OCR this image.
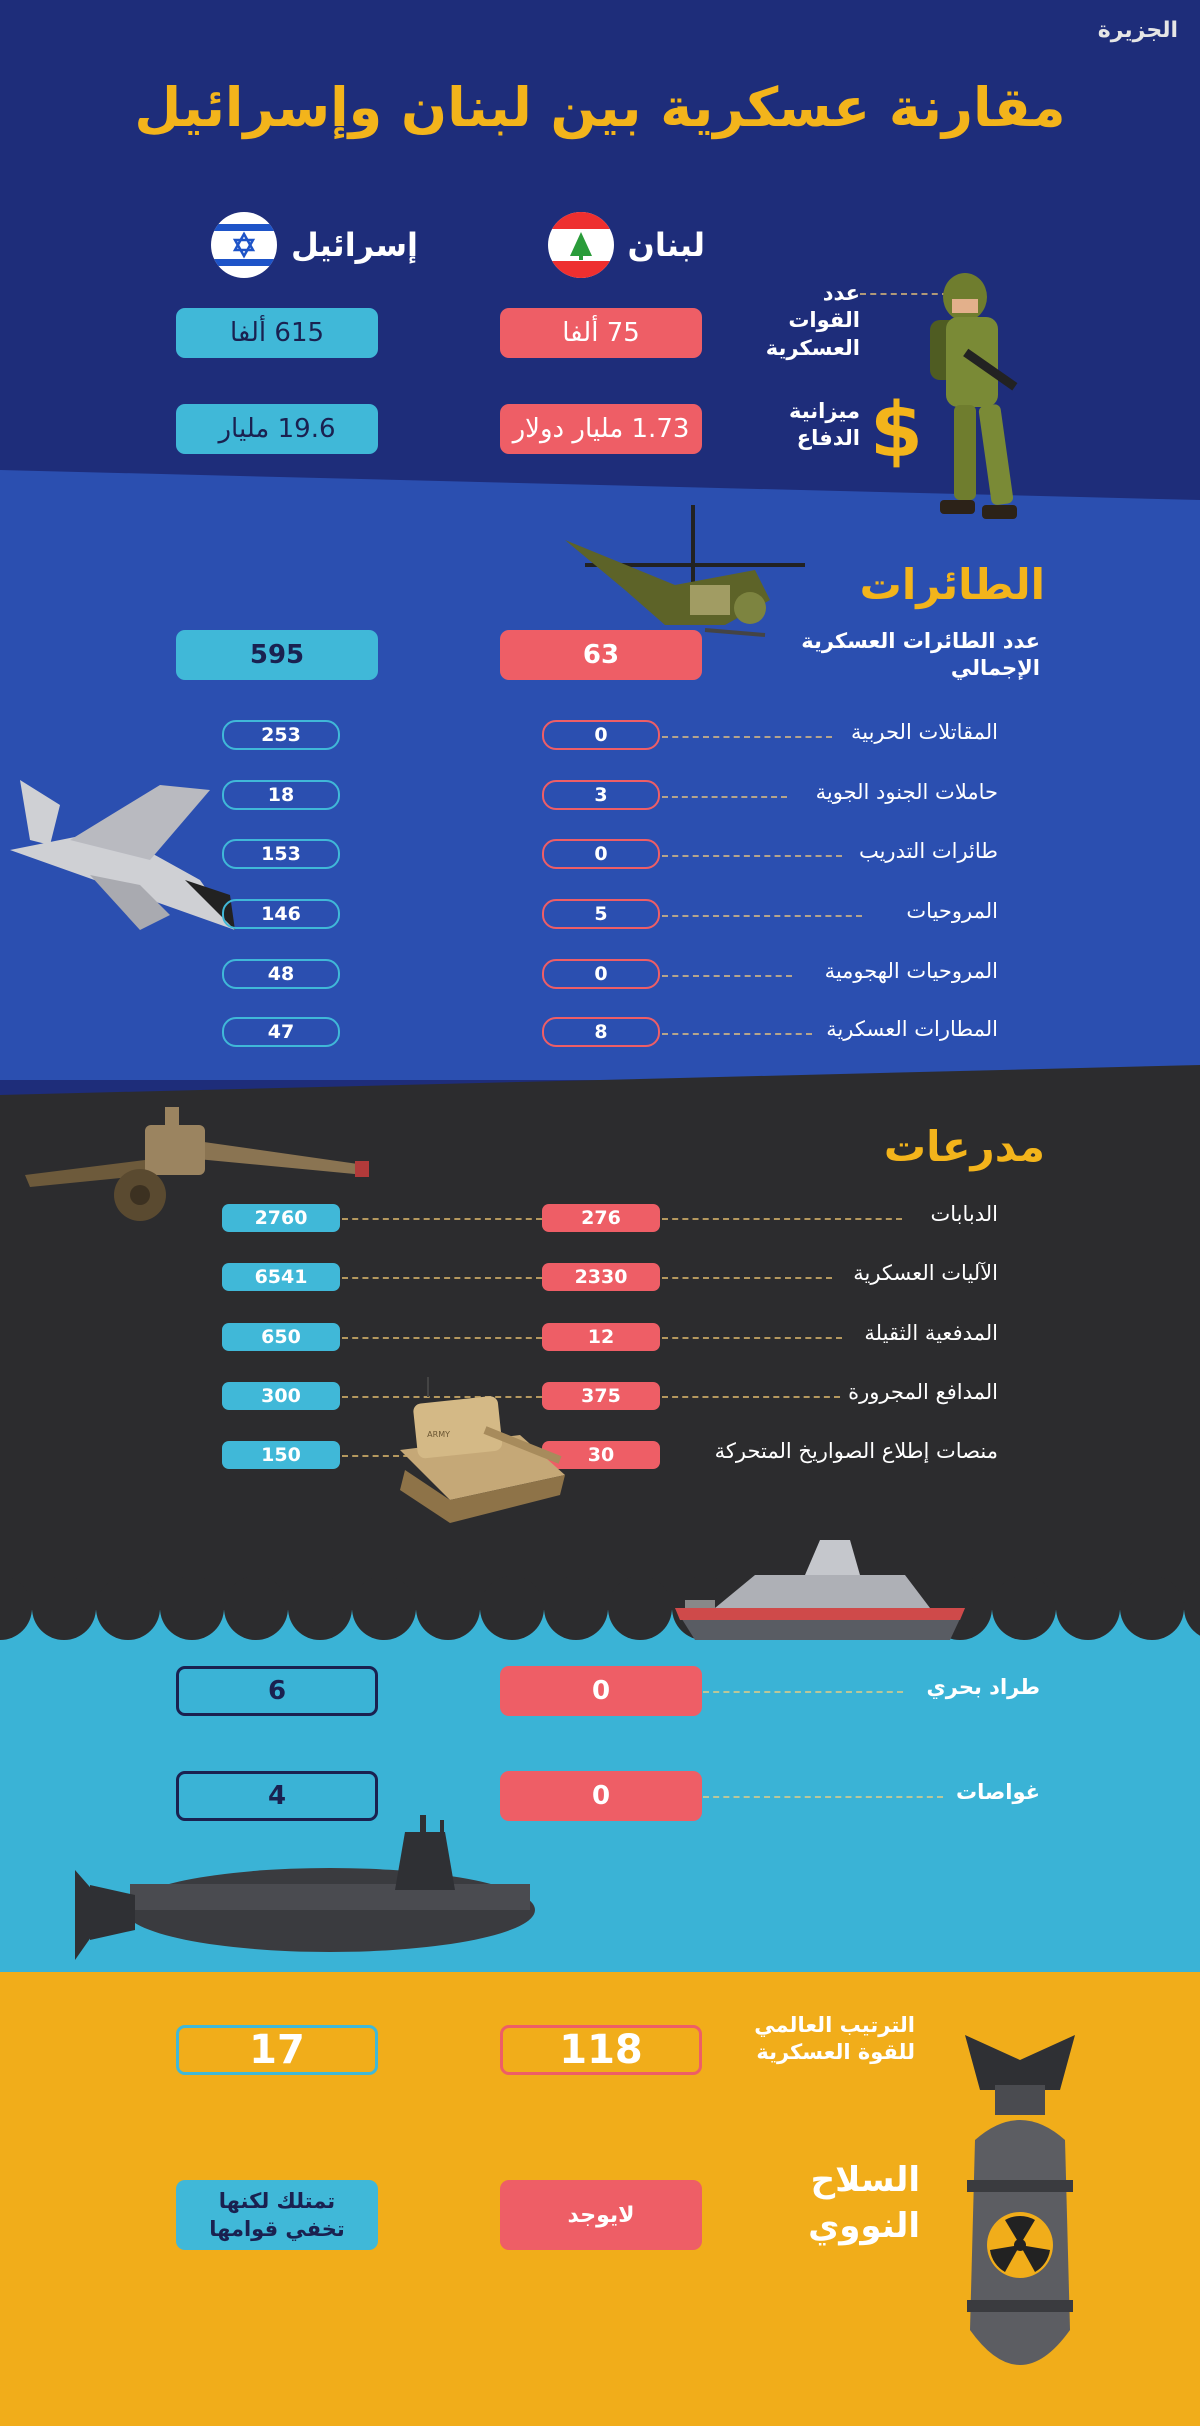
الجزيرة
مقارنة عسكرية بين لبنان وإسرائيل
لبنان
إسرائيل
عدد القوات العسكرية
75 ألفا
615 ألفا
ميزانية الدفاع $
1.73 مليار دولار
19.6 مليار
الطائرات
عدد الطائرات العسكرية الإجمالي
63
595
المقاتلات الحربية
0
253
حاملات الجنود الجوية
3
18
طائرات التدريب
0
153
المروحيات
5
146
المروحيات الهجومية
0
48
المطارات العسكرية
8
47
مدرعات
الدبابات
276
2760
الآليات العسكرية
2330
6541
المدفعية الثقيلة
12
650
المدافع المجرورة
375
300
منصات إطلاع الصواريخ المتحركة
30
150
ARMY
طراد بحري
0
6
غواصات
0
4
الترتيب العالمي للقوة العسكرية
118
17
السلاح النووي
لايوجد
تمتلك لكنها تخفي قوامها
